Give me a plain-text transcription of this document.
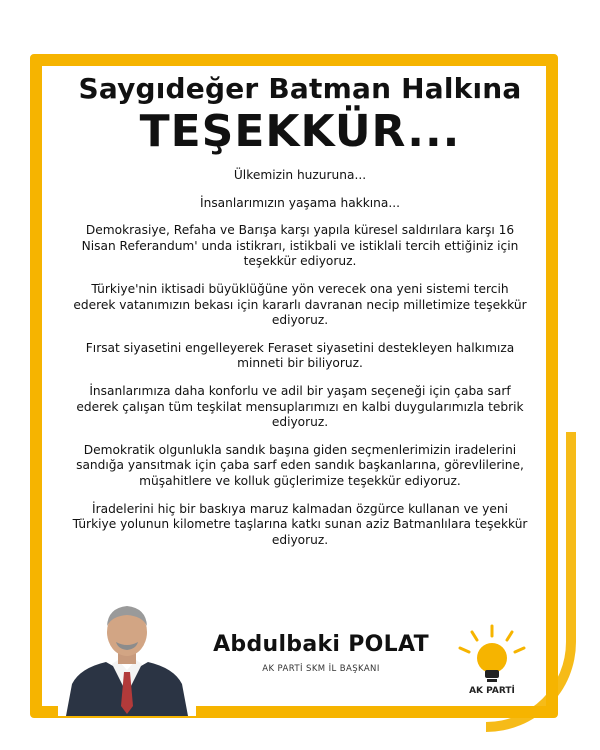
Saygıdeğer Batman Halkına
TEŞEKKÜR...

Ülkemizin huzuruna...

İnsanlarımızın yaşama hakkına...

Demokrasiye, Refaha ve Barışa karşı yapıla küresel saldırılara karşı 16 Nisan Referandum' unda istikrarı, istikbali ve istiklali tercih ettiğiniz için teşekkür ediyoruz.

Türkiye'nin iktisadi büyüklüğüne yön verecek ona yeni sistemi tercih ederek vatanımızın bekası için kararlı davranan necip milletimize teşekkür ediyoruz.

Fırsat siyasetini engelleyerek Feraset siyasetini destekleyen halkımıza minneti bir biliyoruz.

İnsanlarımıza daha konforlu ve adil bir yaşam seçeneği için çaba sarf ederek çalışan tüm teşkilat mensuplarımızı en kalbi duygularımızla tebrik ediyoruz.

Demokratik olgunlukla sandık başına giden seçmenlerimizin iradelerini sandığa yansıtmak için çaba sarf eden sandık başkanlarına, görevlilerine, müşahitlere ve kolluk güçlerimize teşekkür ediyoruz.

İradelerini hiç bir baskıya maruz kalmadan özgürce kullanan ve yeni Türkiye yolunun kilometre taşlarına katkı sunan aziz Batmanlılara teşekkür ediyoruz.

Abdulbaki POLAT
AK PARTİ SKM İL BAŞKANI
AK PARTİ
